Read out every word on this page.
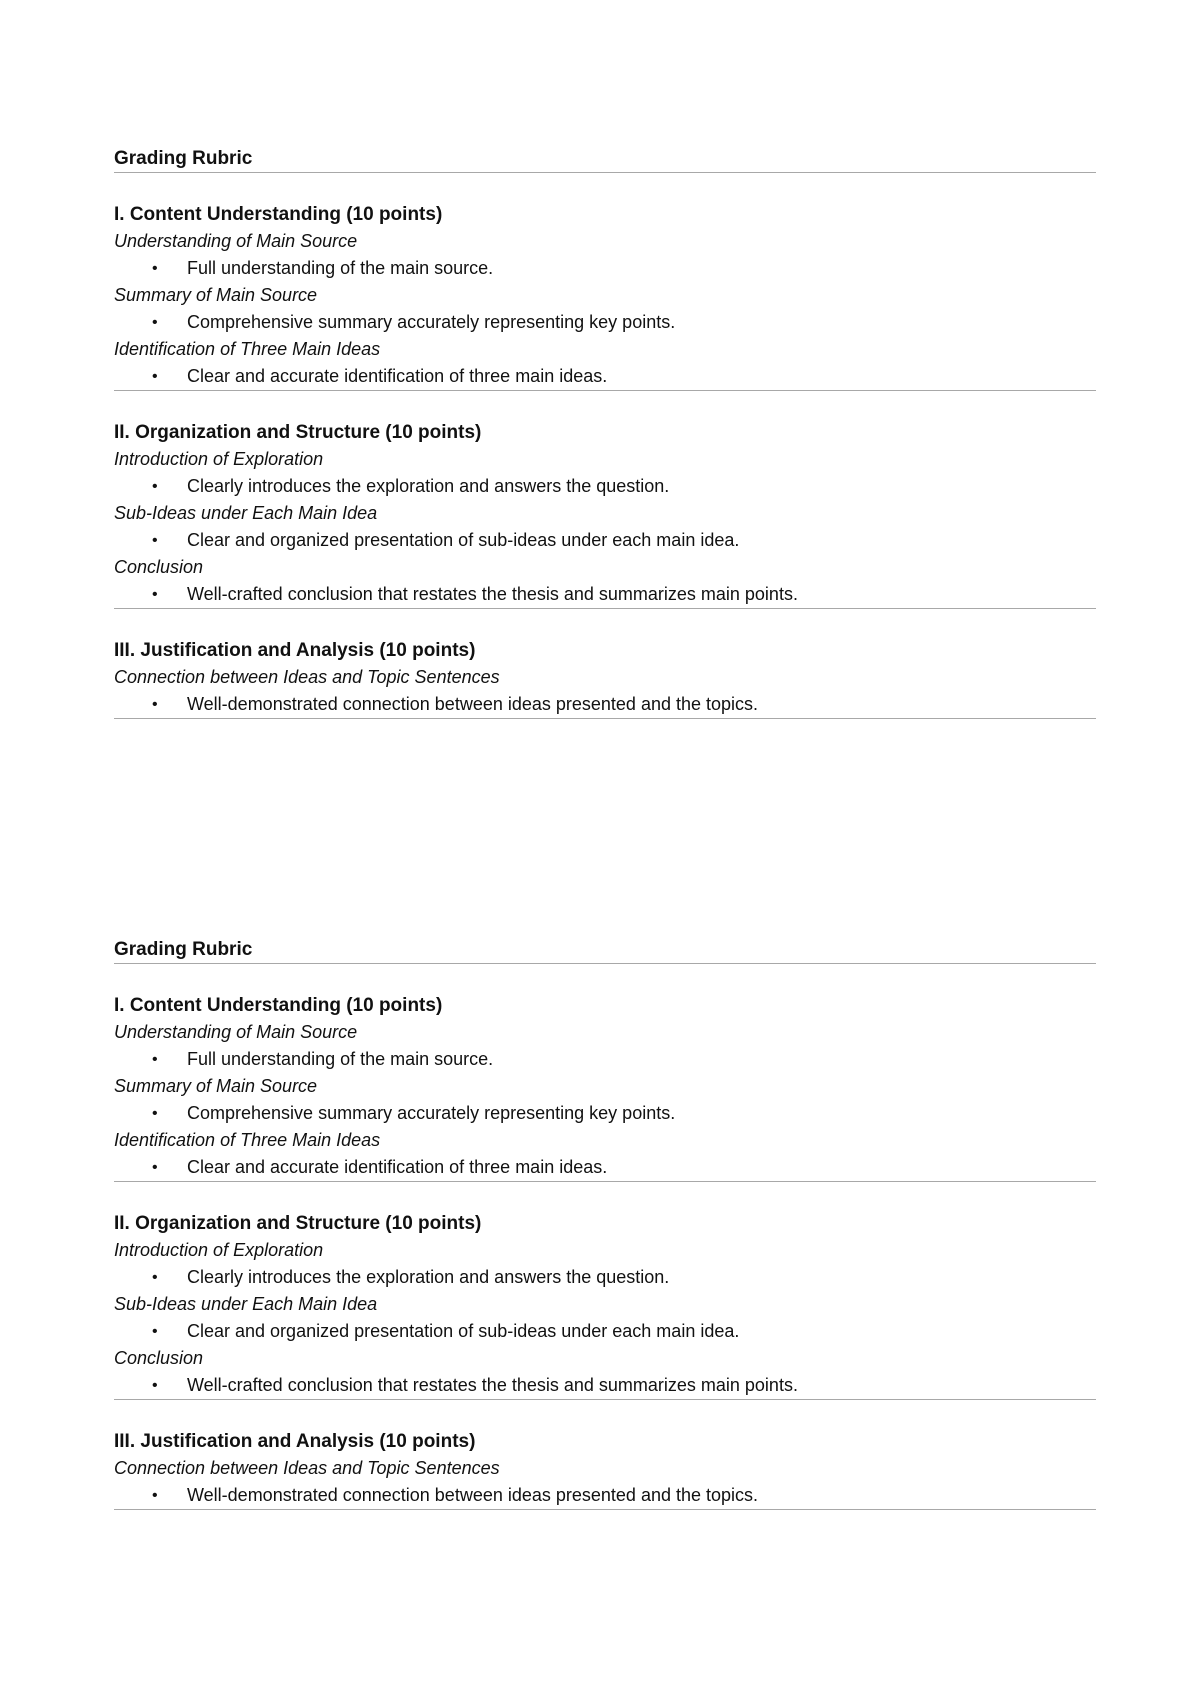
Grading Rubric
I. Content Understanding (10 points)
Understanding of Main Source
• Full understanding of the main source.
Summary of Main Source
• Comprehensive summary accurately representing key points.
Identification of Three Main Ideas
• Clear and accurate identification of three main ideas.
II. Organization and Structure (10 points)
Introduction of Exploration
• Clearly introduces the exploration and answers the question.
Sub-Ideas under Each Main Idea
• Clear and organized presentation of sub-ideas under each main idea.
Conclusion
• Well-crafted conclusion that restates the thesis and summarizes main points.
III. Justification and Analysis (10 points)
Connection between Ideas and Topic Sentences
• Well-demonstrated connection between ideas presented and the topics.
Grading Rubric
I. Content Understanding (10 points)
Understanding of Main Source
• Full understanding of the main source.
Summary of Main Source
• Comprehensive summary accurately representing key points.
Identification of Three Main Ideas
• Clear and accurate identification of three main ideas.
II. Organization and Structure (10 points)
Introduction of Exploration
• Clearly introduces the exploration and answers the question.
Sub-Ideas under Each Main Idea
• Clear and organized presentation of sub-ideas under each main idea.
Conclusion
• Well-crafted conclusion that restates the thesis and summarizes main points.
III. Justification and Analysis (10 points)
Connection between Ideas and Topic Sentences
• Well-demonstrated connection between ideas presented and the topics.
